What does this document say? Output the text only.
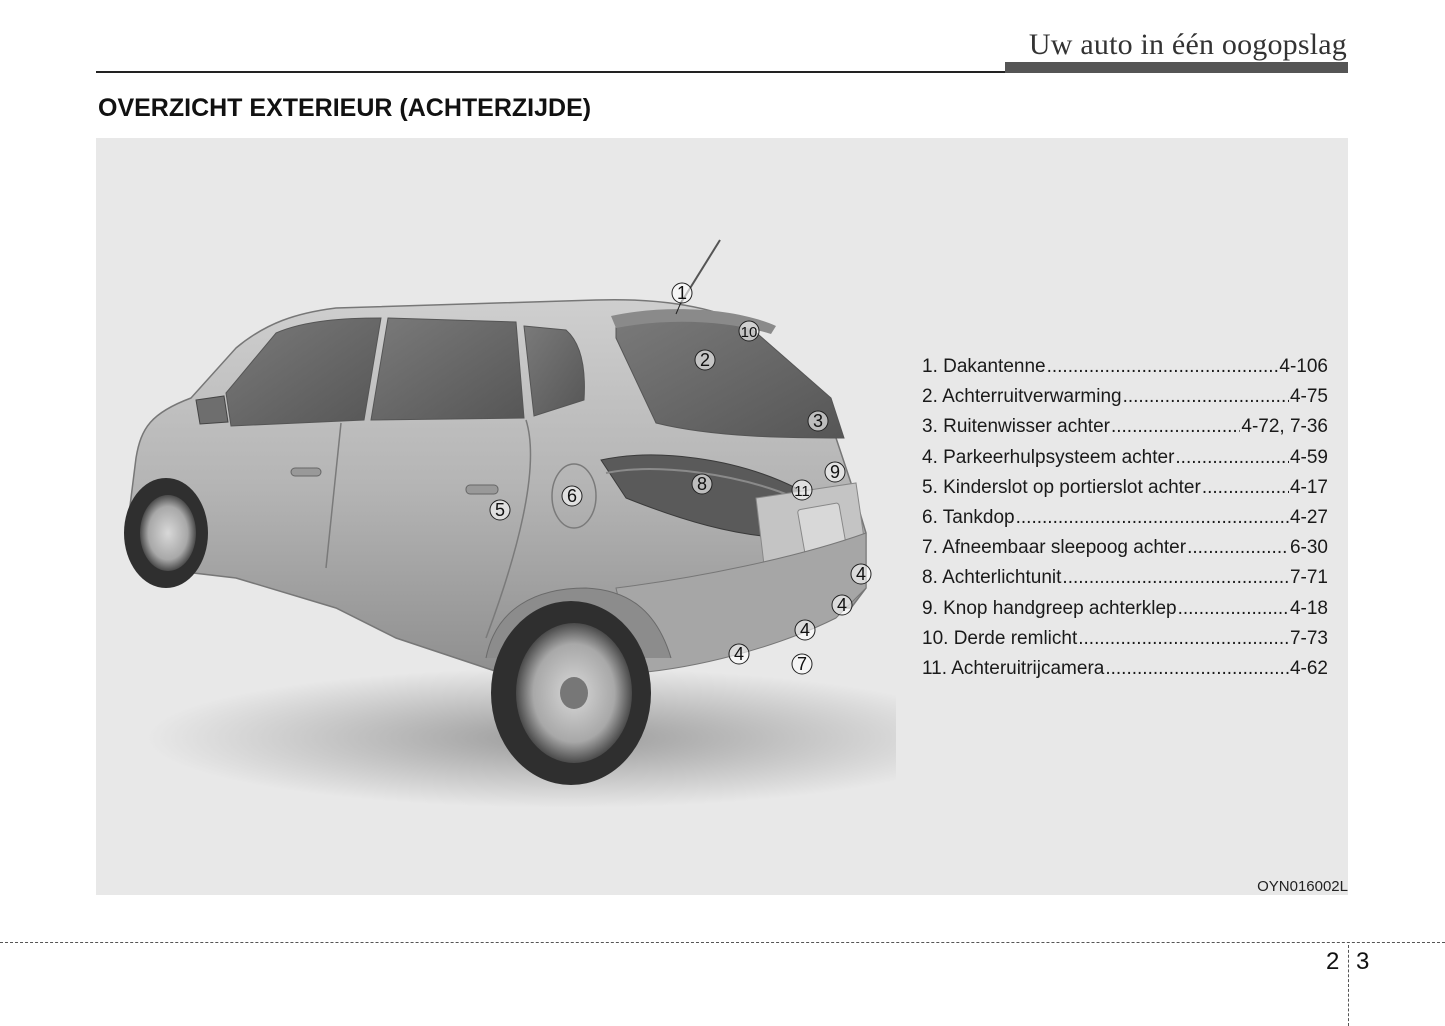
Uw auto in één oogopslag
OVERZICHT EXTERIEUR (ACHTERZIJDE)
1
10
2
3
9
8	11
6
5
4
4
4
4	7
1. Dakantenne .....	4-106
2. Achterruitverwarming .....	4-75
3. Ruitenwisser achter .....	4-72, 7-36
4. Parkeerhulpsysteem achter .....	4-59
5. Kinderslot op portierslot achter .....	4-17
6. Tankdop .....	4-27
7. Afneembaar sleepoog achter .....	6-30
8. Achterlichtunit .....	7-71
9. Knop handgreep achterklep .....	4-18
10. Derde remlicht .....	7-73
11. Achteruitrijcamera .....	4-62
OYN016002L
2 3
